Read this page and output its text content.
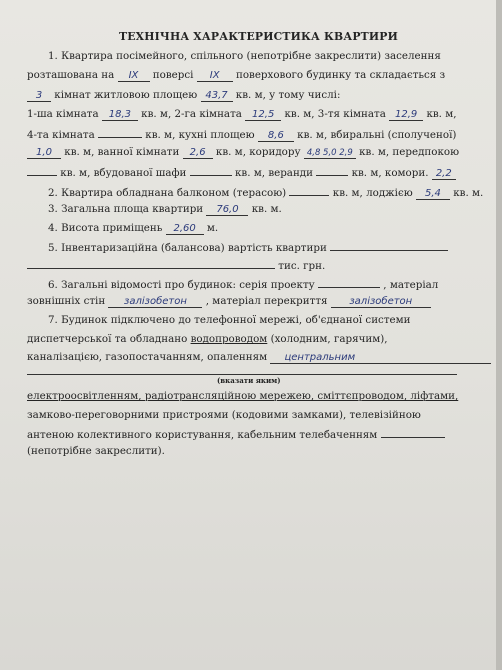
ТЕХНІЧНА ХАРАКТЕРИСТИКА КВАРТИРИ
1. Квартира посімейного, спільного (непотрібне закреслити) заселення
розташована на IX поверсі IX поверхового будинку та складається з
3 кімнат житловою площею 43,7 кв. м, у тому числі:
1-ша кімната 18,3 кв. м, 2-га кімната 12,5 кв. м, 3-тя кімната 12,9 кв. м,
4-та кімната	кв. м, кухні площею 8,6 кв. м, вбиральні (сполученої)
1,0 кв. м, ванної кімнати 2,6 кв. м, коридору 4,8 5,0 2,9 кв. м, передпокою
кв. м, вбудованої шафи	кв. м, веранди	кв. м, комори. 2,2
2. Квартира обладнана балконом (терасою)	кв. м, лоджією 5,4 кв. м.
3. Загальна площа квартири 76,0 кв. м.
4. Висота приміщень 2,60 м.
5. Інвентаризаційна (балансова) вартість квартири
тис. грн.
6. Загальні відомості про будинок: серія проекту	, матеріал
зовнішніх стін залізобетон , матеріал перекриття залізобетон
7. Будинок підключено до телефонної мережі, об'єднаної системи
диспетчерської та обладнано водопроводом (холодним, гарячим),
каналізацією, газопостачанням, опаленням центральним
(вказати яким)
електроосвітленням, радіотрансляційною мережею, сміттєпроводом, ліфтами,
замково-переговорними пристроями (кодовими замками), телевізійною
антеною колективного користування, кабельним телебаченням
(непотрібне закреслити).
